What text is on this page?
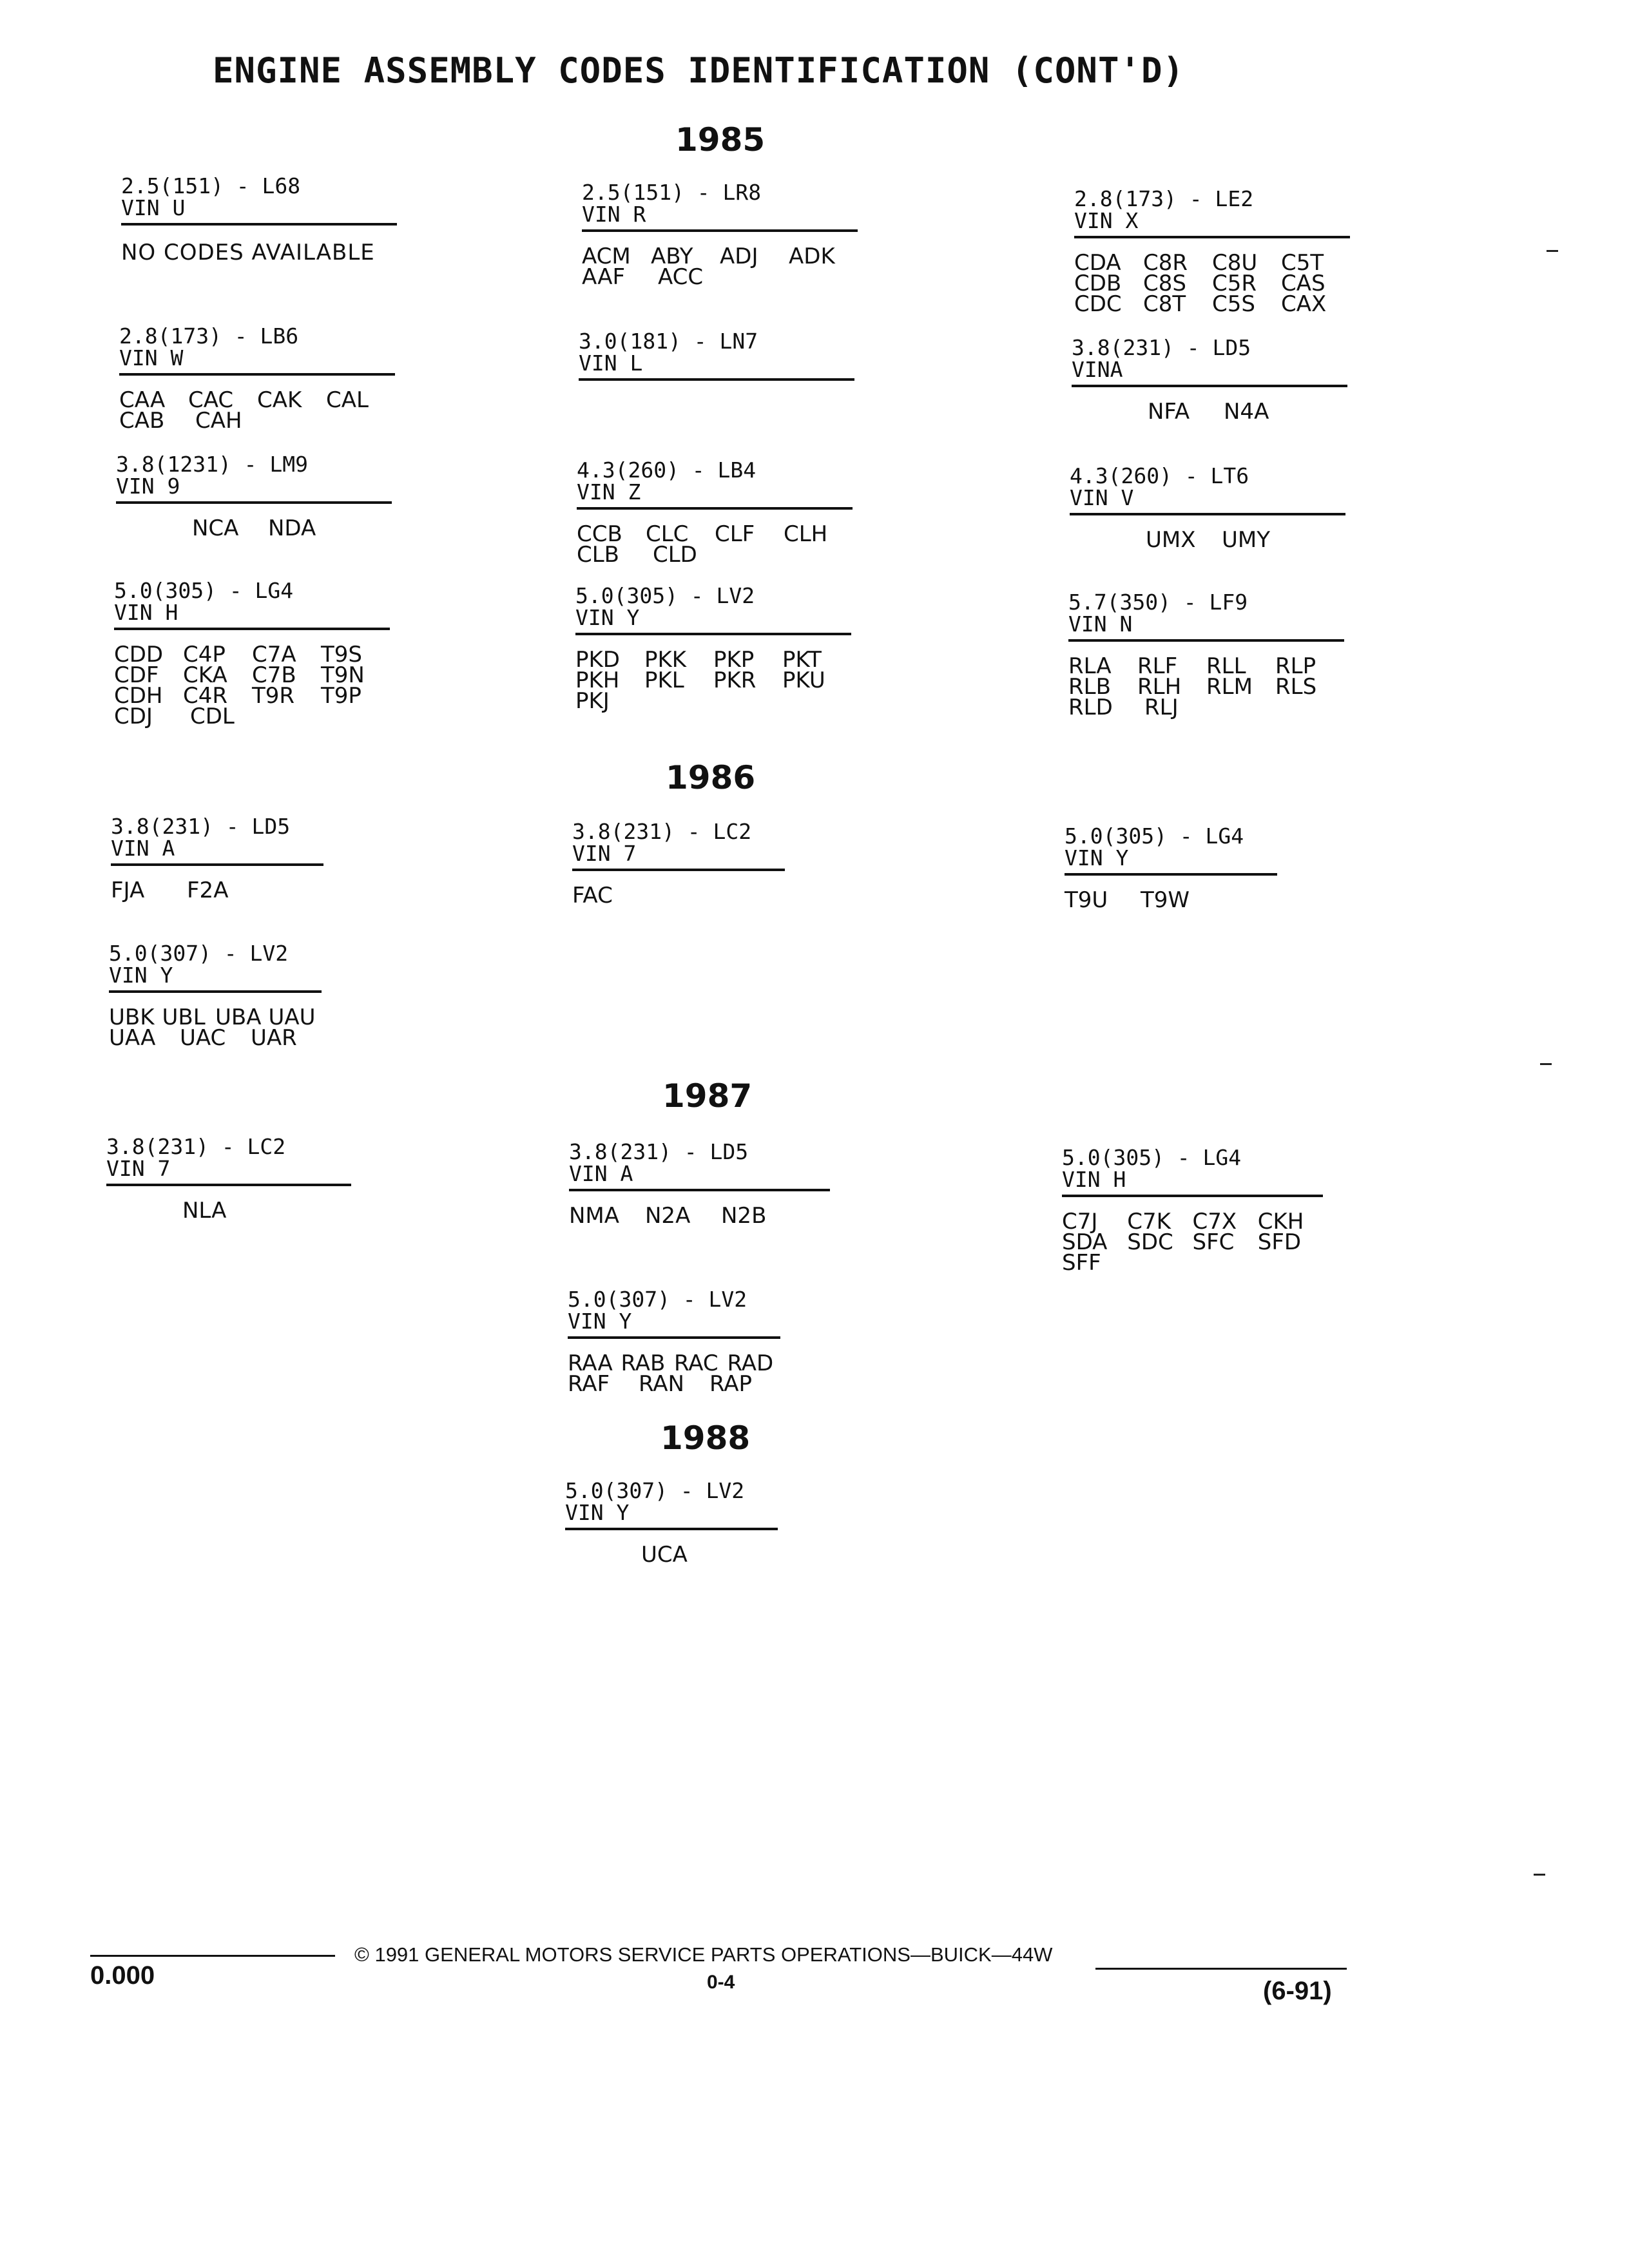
ENGINE ASSEMBLY CODES IDENTIFICATION (CONT'D)
1985
1986
1987
1988
2.5(151) - L68
VIN U
NO CODES AVAILABLE
2.5(151) - LR8
VIN R
ACM ABY	ADJ	ADK
AAF	ACC
2.8(173) - LE2
VIN X
CDA	C8R	C8U	C5T
CDB C8S	C5R	CAS
CDC C8T	C5S	CAX
2.8(173) - LB6
VIN W
CAA	CAC	CAK	CAL
CAB	CAH
3.0(181) - LN7
VIN L
3.8(231) - LD5
VINA
NFA	N4A
3.8(1231) - LM9
VIN 9
NCA	NDA
4.3(260) - LB4
VIN Z
CCB	CLC	CLF	CLH
CLB	CLD
4.3(260) - LT6
VIN V
UMX	UMY
5.0(305) - LG4
VIN H
CDD C4P	C7A	T9S
CDF	CKA	C7B	T9N
CDH C4R	T9R	T9P
CDJ	CDL
5.0(305) - LV2
VIN Y
PKD	PKK	PKP	PKT
PKH	PKL	PKR	PKU
PKJ
5.7(350) - LF9
VIN N
RLA	RLF	RLL	RLP
RLB	RLH	RLM	RLS
RLD	RLJ
3.8(231) - LD5
VIN A
FJA	F2A
3.8(231) - LC2
VIN 7
FAC
5.0(305) - LG4
VIN Y
T9U	T9W
5.0(307) - LV2
VIN Y
UBK UBL UBA UAU
UAA	UAC	UAR
3.8(231) - LC2
VIN 7
NLA
3.8(231) - LD5
VIN A
NMA	N2A	N2B
5.0(305) - LG4
VIN H
C7J	C7K C7X CKH
SDA SDC SFC	SFD
SFF
5.0(307) - LV2
VIN Y
RAA RAB RAC RAD
RAF	RAN	RAP
5.0(307) - LV2
VIN Y
UCA
0.000
© 1991 GENERAL MOTORS SERVICE PARTS OPERATIONS—BUICK—44W
0-4	(6-91)
